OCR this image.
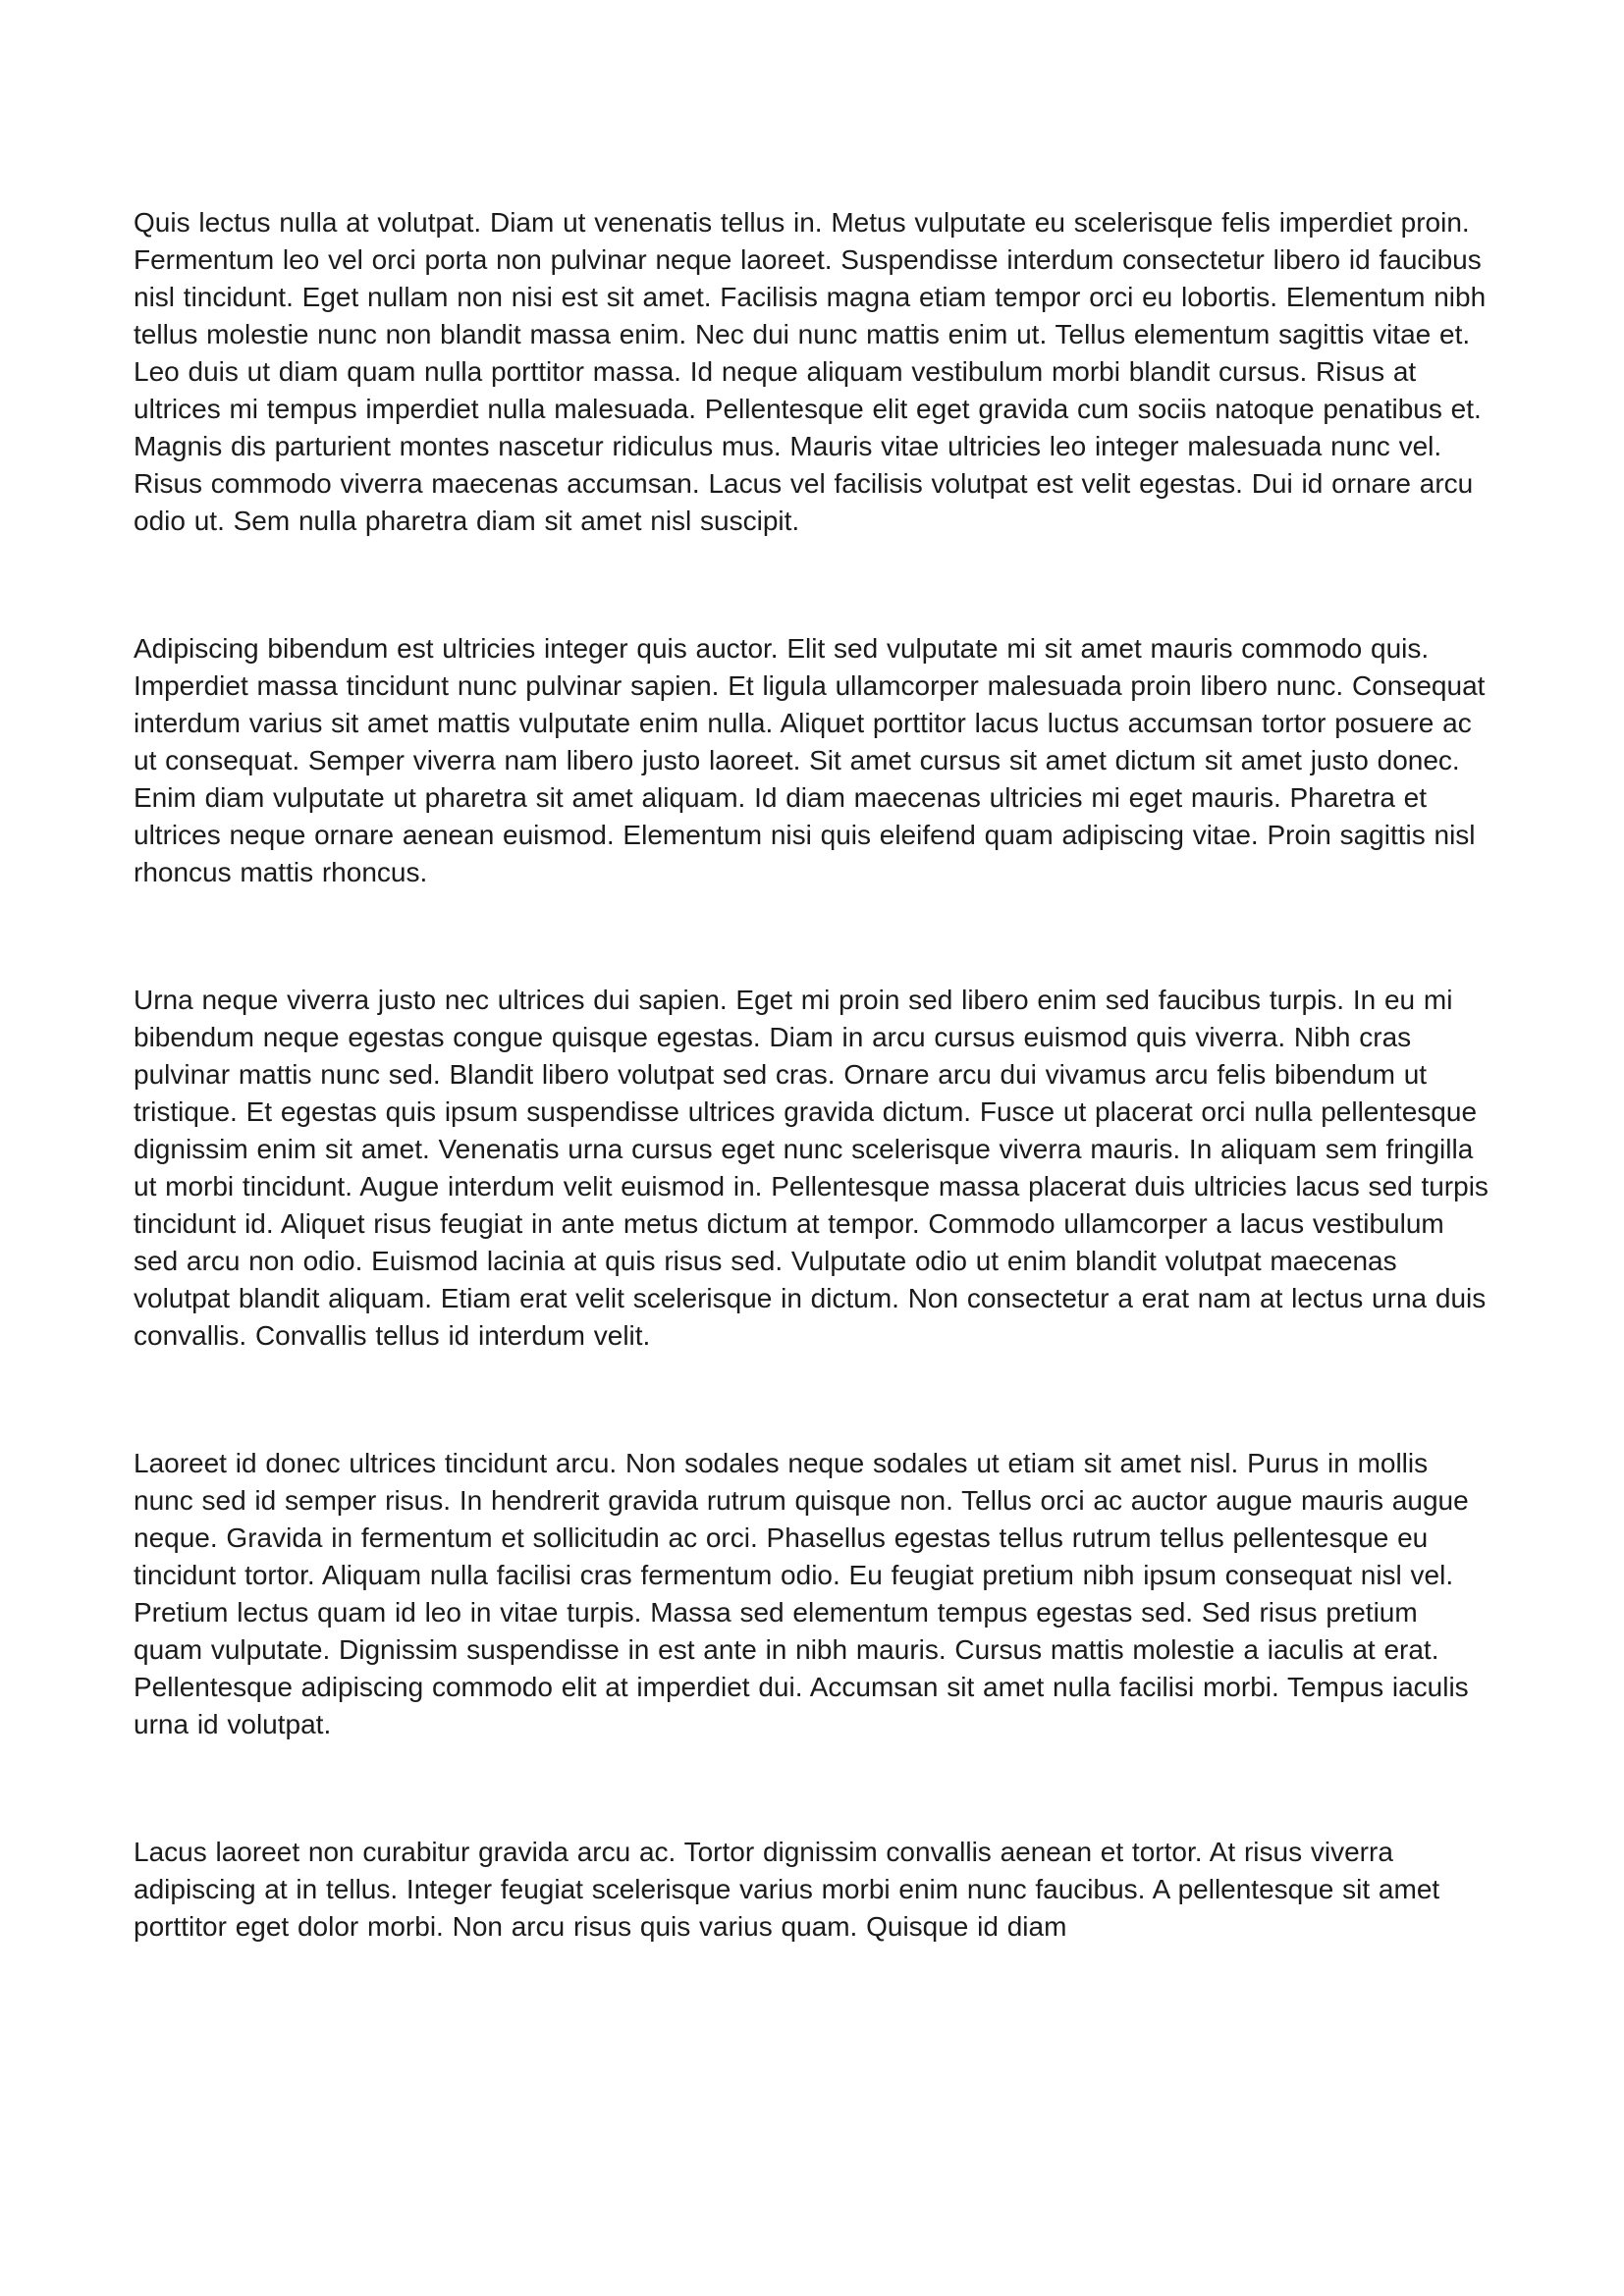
Quis lectus nulla at volutpat. Diam ut venenatis tellus in. Metus vulputate eu scelerisque felis imperdiet proin. Fermentum leo vel orci porta non pulvinar neque laoreet. Suspendisse interdum consectetur libero id faucibus nisl tincidunt. Eget nullam non nisi est sit amet. Facilisis magna etiam tempor orci eu lobortis. Elementum nibh tellus molestie nunc non blandit massa enim. Nec dui nunc mattis enim ut. Tellus elementum sagittis vitae et. Leo duis ut diam quam nulla porttitor massa. Id neque aliquam vestibulum morbi blandit cursus. Risus at ultrices mi tempus imperdiet nulla malesuada. Pellentesque elit eget gravida cum sociis natoque penatibus et. Magnis dis parturient montes nascetur ridiculus mus. Mauris vitae ultricies leo integer malesuada nunc vel. Risus commodo viverra maecenas accumsan. Lacus vel facilisis volutpat est velit egestas. Dui id ornare arcu odio ut. Sem nulla pharetra diam sit amet nisl suscipit.

Adipiscing bibendum est ultricies integer quis auctor. Elit sed vulputate mi sit amet mauris commodo quis. Imperdiet massa tincidunt nunc pulvinar sapien. Et ligula ullamcorper malesuada proin libero nunc. Consequat interdum varius sit amet mattis vulputate enim nulla. Aliquet porttitor lacus luctus accumsan tortor posuere ac ut consequat. Semper viverra nam libero justo laoreet. Sit amet cursus sit amet dictum sit amet justo donec. Enim diam vulputate ut pharetra sit amet aliquam. Id diam maecenas ultricies mi eget mauris. Pharetra et ultrices neque ornare aenean euismod. Elementum nisi quis eleifend quam adipiscing vitae. Proin sagittis nisl rhoncus mattis rhoncus.

Urna neque viverra justo nec ultrices dui sapien. Eget mi proin sed libero enim sed faucibus turpis. In eu mi bibendum neque egestas congue quisque egestas. Diam in arcu cursus euismod quis viverra. Nibh cras pulvinar mattis nunc sed. Blandit libero volutpat sed cras. Ornare arcu dui vivamus arcu felis bibendum ut tristique. Et egestas quis ipsum suspendisse ultrices gravida dictum. Fusce ut placerat orci nulla pellentesque dignissim enim sit amet. Venenatis urna cursus eget nunc scelerisque viverra mauris. In aliquam sem fringilla ut morbi tincidunt. Augue interdum velit euismod in. Pellentesque massa placerat duis ultricies lacus sed turpis tincidunt id. Aliquet risus feugiat in ante metus dictum at tempor. Commodo ullamcorper a lacus vestibulum sed arcu non odio. Euismod lacinia at quis risus sed. Vulputate odio ut enim blandit volutpat maecenas volutpat blandit aliquam. Etiam erat velit scelerisque in dictum. Non consectetur a erat nam at lectus urna duis convallis. Convallis tellus id interdum velit.

Laoreet id donec ultrices tincidunt arcu. Non sodales neque sodales ut etiam sit amet nisl. Purus in mollis nunc sed id semper risus. In hendrerit gravida rutrum quisque non. Tellus orci ac auctor augue mauris augue neque. Gravida in fermentum et sollicitudin ac orci. Phasellus egestas tellus rutrum tellus pellentesque eu tincidunt tortor. Aliquam nulla facilisi cras fermentum odio. Eu feugiat pretium nibh ipsum consequat nisl vel. Pretium lectus quam id leo in vitae turpis. Massa sed elementum tempus egestas sed. Sed risus pretium quam vulputate. Dignissim suspendisse in est ante in nibh mauris. Cursus mattis molestie a iaculis at erat. Pellentesque adipiscing commodo elit at imperdiet dui. Accumsan sit amet nulla facilisi morbi. Tempus iaculis urna id volutpat.

Lacus laoreet non curabitur gravida arcu ac. Tortor dignissim convallis aenean et tortor. At risus viverra adipiscing at in tellus. Integer feugiat scelerisque varius morbi enim nunc faucibus. A pellentesque sit amet porttitor eget dolor morbi. Non arcu risus quis varius quam. Quisque id diam
